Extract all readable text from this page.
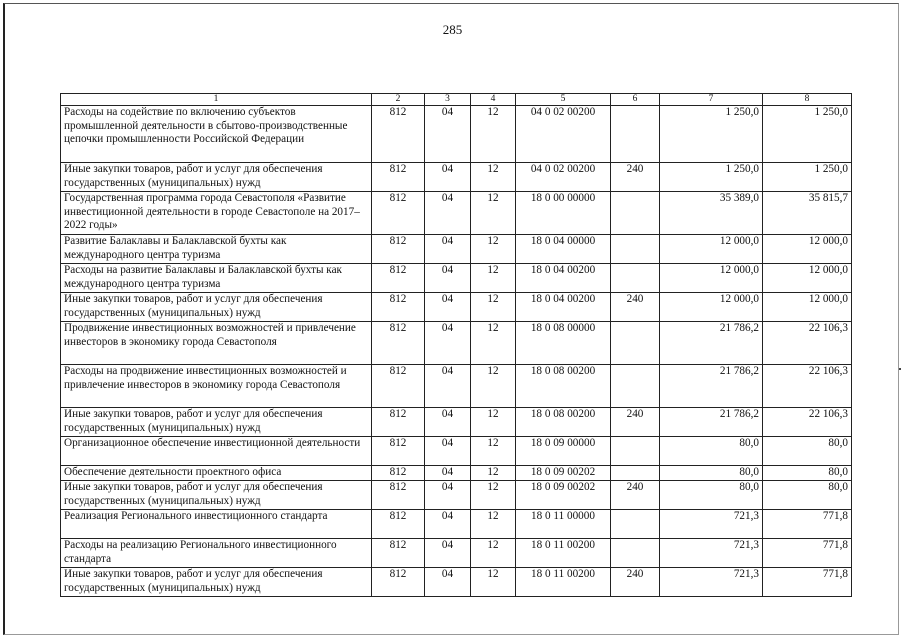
285
1	2	3	4	5	6	7	8
Расходы на содействие по включению субъектов промышленной деятельности в сбытово-производственные цепочки промышленности Российской Федерации	812	04	12	04 0 02 00200		1 250,0	1 250,0
Иные закупки товаров, работ и услуг для обеспечения государственных (муниципальных) нужд	812	04	12	04 0 02 00200	240	1 250,0	1 250,0
Государственная программа города Севастополя «Развитие инвестиционной деятельности в городе Севастополе на 2017–2022 годы»	812	04	12	18 0 00 00000		35 389,0	35 815,7
Развитие Балаклавы и Балаклавской бухты как международного центра туризма	812	04	12	18 0 04 00000		12 000,0	12 000,0
Расходы на развитие Балаклавы и Балаклавской бухты как международного центра туризма	812	04	12	18 0 04 00200		12 000,0	12 000,0
Иные закупки товаров, работ и услуг для обеспечения государственных (муниципальных) нужд	812	04	12	18 0 04 00200	240	12 000,0	12 000,0
Продвижение инвестиционных возможностей и привлечение инвесторов в экономику города Севастополя	812	04	12	18 0 08 00000		21 786,2	22 106,3
Расходы на продвижение инвестиционных возможностей и привлечение инвесторов в экономику города Севастополя	812	04	12	18 0 08 00200		21 786,2	22 106,3
Иные закупки товаров, работ и услуг для обеспечения государственных (муниципальных) нужд	812	04	12	18 0 08 00200	240	21 786,2	22 106,3
Организационное обеспечение инвестиционной деятельности	812	04	12	18 0 09 00000		80,0	80,0
Обеспечение деятельности проектного офиса	812	04	12	18 0 09 00202		80,0	80,0
Иные закупки товаров, работ и услуг для обеспечения государственных (муниципальных) нужд	812	04	12	18 0 09 00202	240	80,0	80,0
Реализация Регионального инвестиционного стандарта	812	04	12	18 0 11 00000		721,3	771,8
Расходы на реализацию Регионального инвестиционного стандарта	812	04	12	18 0 11 00200		721,3	771,8
Иные закупки товаров, работ и услуг для обеспечения государственных (муниципальных) нужд	812	04	12	18 0 11 00200	240	721,3	771,8
